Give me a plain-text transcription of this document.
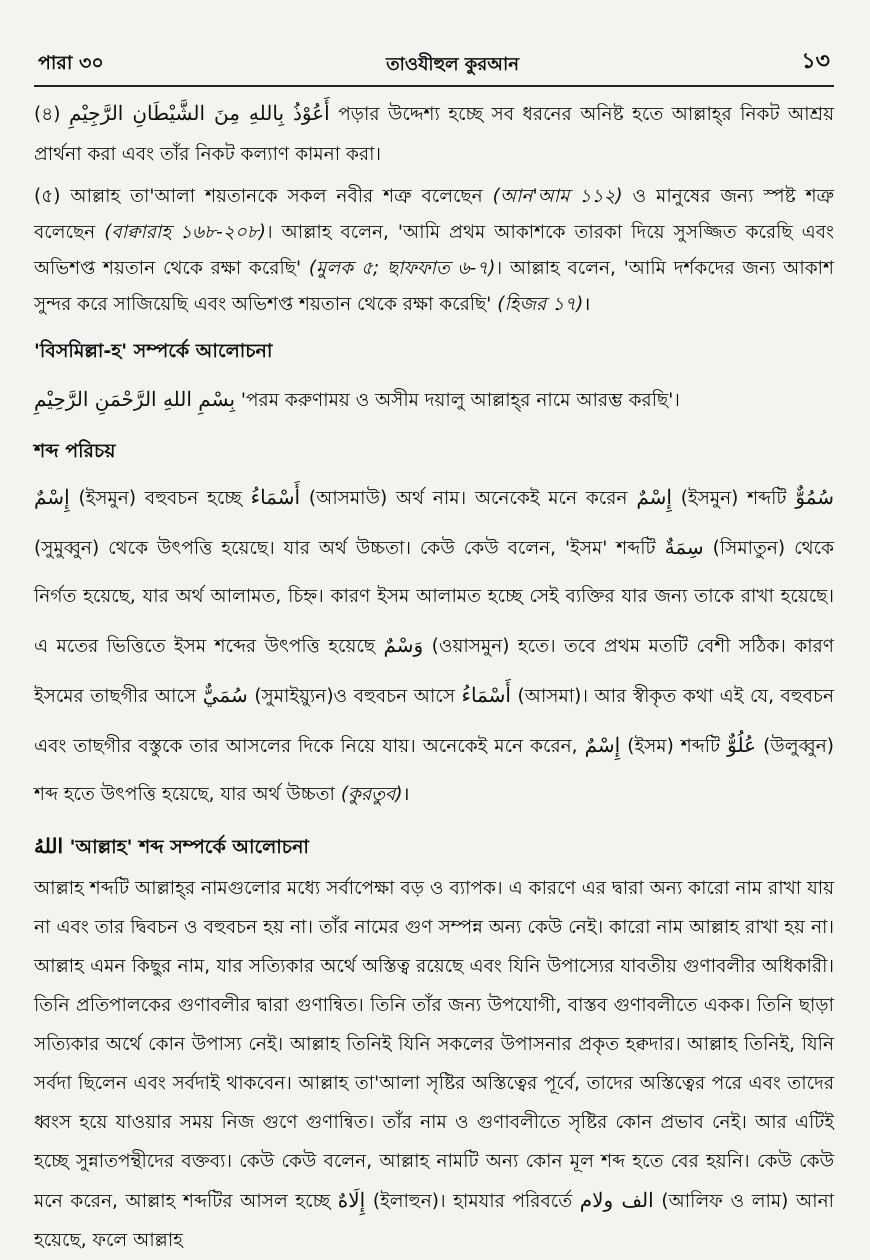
পারা ৩০	তাওযীহুল কুরআন	১৩

(৪) أَعُوْذُ بِاللهِ مِنَ الشَّيْطَانِ الرَّجِيْمِ পড়ার উদ্দেশ্য হচ্ছে সব ধরনের অনিষ্ট হতে আল্লাহ্‌র নিকট আশ্রয় প্রার্থনা করা এবং তাঁর নিকট কল্যাণ কামনা করা।

(৫) আল্লাহ তা'আলা শয়তানকে সকল নবীর শত্রু বলেছেন (আন'আম ১১২) ও মানুষের জন্য স্পষ্ট শত্রু বলেছেন (বাক্বারাহ ১৬৮-২০৮)। আল্লাহ বলেন, 'আমি প্রথম আকাশকে তারকা দিয়ে সুসজ্জিত করেছি এবং অভিশপ্ত শয়তান থেকে রক্ষা করেছি' (মুলক ৫; ছাফফাত ৬-৭)। আল্লাহ বলেন, 'আমি দর্শকদের জন্য আকাশ সুন্দর করে সাজিয়েছি এবং অভিশপ্ত শয়তান থেকে রক্ষা করেছি' (হিজর ১৭)।

'বিসমিল্লা-হ' সম্পর্কে আলোচনা

بِسْمِ اللهِ الرَّحْمَنِ الرَّحِيْمِ 'পরম করুণাময় ও অসীম দয়ালু আল্লাহ্‌র নামে আরম্ভ করছি'।

শব্দ পরিচয়

إِسْمٌ (ইসমুন) বহুবচন হচ্ছে أَسْمَاءُ (আসমাউ) অর্থ নাম। অনেকেই মনে করেন إِسْمٌ (ইসমুন) শব্দটি سُمُوٌّ (সুমুব্বুন) থেকে উৎপত্তি হয়েছে। যার অর্থ উচ্চতা। কেউ কেউ বলেন, 'ইসম' শব্দটি سِمَةٌ (সিমাতুন) থেকে নির্গত হয়েছে, যার অর্থ আলামত, চিহ্ন। কারণ ইসম আলামত হচ্ছে সেই ব্যক্তির যার জন্য তাকে রাখা হয়েছে। এ মতের ভিত্তিতে ইসম শব্দের উৎপত্তি হয়েছে وَسْمٌ (ওয়াসমুন) হতে। তবে প্রথম মতটি বেশী সঠিক। কারণ ইসমের তাছগীর আসে سُمَيٌّ (সুমাইয়্যুন)ও বহুবচন আসে أَسْمَاءُ (আসমা)। আর স্বীকৃত কথা এই যে, বহুবচন এবং তাছগীর বস্তুকে তার আসলের দিকে নিয়ে যায়। অনেকেই মনে করেন, إِسْمٌ (ইসম) শব্দটি عُلُوٌّ (উলুব্বুন) শব্দ হতে উৎপত্তি হয়েছে, যার অর্থ উচ্চতা (কুরতুব)।

اللهُ 'আল্লাহ' শব্দ সম্পর্কে আলোচনা

আল্লাহ শব্দটি আল্লাহ্‌র নামগুলোর মধ্যে সর্বাপেক্ষা বড় ও ব্যাপক। এ কারণে এর দ্বারা অন্য কারো নাম রাখা যায় না এবং তার দ্বিবচন ও বহুবচন হয় না। তাঁর নামের গুণ সম্পন্ন অন্য কেউ নেই। কারো নাম আল্লাহ রাখা হয় না। আল্লাহ এমন কিছুর নাম, যার সত্যিকার অর্থে অস্তিত্ব রয়েছে এবং যিনি উপাস্যের যাবতীয় গুণাবলীর অধিকারী। তিনি প্রতিপালকের গুণাবলীর দ্বারা গুণান্বিত। তিনি তাঁর জন্য উপযোগী, বাস্তব গুণাবলীতে একক। তিনি ছাড়া সত্যিকার অর্থে কোন উপাস্য নেই। আল্লাহ তিনিই যিনি সকলের উপাসনার প্রকৃত হক্বদার। আল্লাহ তিনিই, যিনি সর্বদা ছিলেন এবং সর্বদাই থাকবেন। আল্লাহ তা'আলা সৃষ্টির অস্তিত্বের পূর্বে, তাদের অস্তিত্বের পরে এবং তাদের ধ্বংস হয়ে যাওয়ার সময় নিজ গুণে গুণান্বিত। তাঁর নাম ও গুণাবলীতে সৃষ্টির কোন প্রভাব নেই। আর এটিই হচ্ছে সুন্নাতপন্থীদের বক্তব্য। কেউ কেউ বলেন, আল্লাহ নামটি অন্য কোন মূল শব্দ হতে বের হয়নি। কেউ কেউ মনে করেন, আল্লাহ শব্দটির আসল হচ্ছে إِلَاهٌ (ইলাহুন)। হামযার পরিবর্তে الف ولام (আলিফ ও লাম) আনা হয়েছে, ফলে আল্লাহ
